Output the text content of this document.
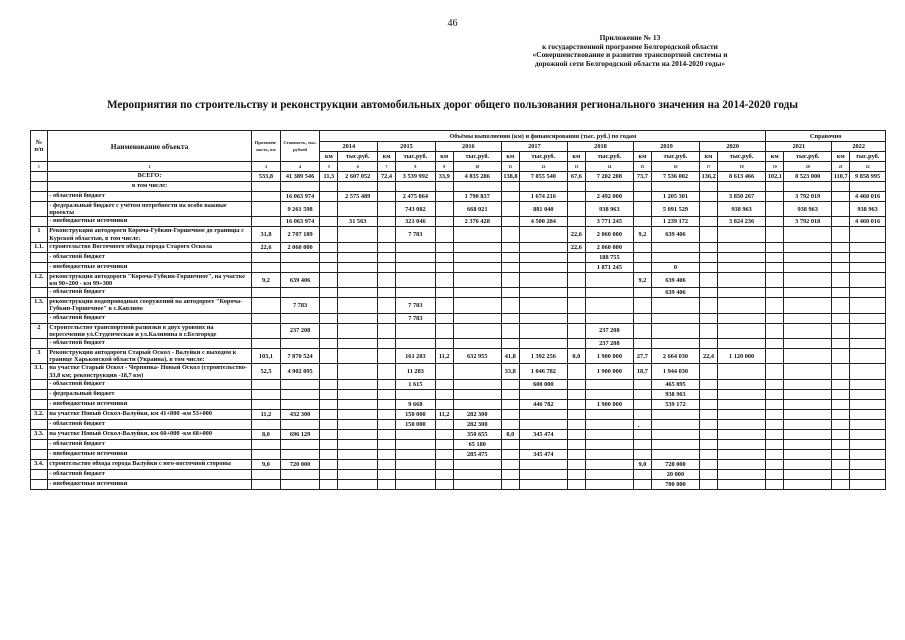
46
Приложение № 13
к государственной программе Белгородской области
«Совершенствование и развитие транспортной системы и
дорожной сети Белгородской области на 2014-2020 годы»
Мероприятия по строительству и реконструкции автомобильных дорог общего пользования регионального значения на 2014-2020 годы
№ п/п	Наименование объекта	Протяжён-ность, км	Стоимость, тыс. рублей	Объёмы выполнения (км) и финансирования (тыс. руб.) по годам														Справочно			
				2014		2015		2016		2017		2018		2019		2020		2021		2022	
				км	тыс.руб.	км	тыс.руб.	км	тыс.руб.	км	тыс.руб.	км	тыс.руб.	км	тыс.руб.	км	тыс.руб.	км	тыс.руб.	км	тыс.руб.
1	2	3	4	5	6	7	8	9	10	11	12	13	14	15	16	17	18	19	20	21	22
	ВСЕГО:	533,8	41 389 546	11,3	2 607 052	72,4	3 539 992	33,9	4 835 286	138,8	7 055 540	67,6	7 202 208	73,7	7 536 002	136,2	8 613 466	102,1	8 523 000	110,7	9 858 995
	в том числе:																				
	- областной бюджет		16 063 974		2 575 489		2 475 864		1 790 837		1 674 216		2 492 000		1 205 301		3 850 267		3 792 019		4 460 016
	- федеральный бюджет с учётом потребности на особо важные проекты		9 261 598				743 082		668 021		881 040		938 963		5 091 529		938 963		938 963		938 963
	- внебюджетные источники		16 063 974		31 563		321 046		2 376 428		4 500 284		3 771 245		1 239 172		3 824 236		3 792 018		4 460 016
1	Реконструкция автодороги Короча-Губкин-Горшечное до границы с Курской областью, в том числе:	31,8	2 707 189				7 783					22,6	2 060 000	9,2	639 406						
1.1.	строительство Восточного обхода города Старого Оскола	22,6	2 060 000									22,6	2 060 000								
	- областной бюджет												188 755								
	- внебюджетные источники												1 871 245		0						
1.2.	реконструкция автодороги "Короча-Губкин-Горшечное", на участке км 90+200 - км 99+300	9,2	639 406											9,2	639 406						
	- областной бюджет														639 406						
1.3.	реконструкция водопроводных сооружений на автодороге "Короча-Губкин-Горшечное" в с.Каплино		7 783				7 783														
	- областной бюджет						7 783														
2	Строительство транспортной развязки в двух уровнях на пересечении ул.Студенческая и ул.Калинина в г.Белгороде		237 208										237 208								
	- областной бюджет												237 208								
3	Реконструкция автодороги Старый Оскол - Валуйки с выходом к границе Харьковской области (Украина), в том числе:	103,1	7 870 524				161 283	11,2	632 955	41,8	1 392 256	0,0	1 900 000	27,7	2 664 030	22,4	1 120 000				
3.1.	на участке Старый Оскол - Чернянка- Новый Оскол (строительство- 33,8 км; реконструкция -18,7 км)	52,5	4 902 095				11 283			33,8	1 046 782		1 900 000	18,7	1 944 030						
	- областной бюджет						1 615				600 000				465 895						
	- федеральный бюджет														938 963						
	- внебюджетные источники						9 668				446 782		1 900 000		539 172						
3.2.	на участке Новый Оскол-Валуйки, км 41+800 -км 53+000	11,2	432 300				150 000	11,2	282 300												
	- областной бюджет						150 000		282 300												
3.3.	на участке Новый Оскол-Валуйки, км 60+000 -км 68+000	8,0	696 129						350 655	8,0	345 474										
	- областной бюджет								65 180												
	- внебюджетные источники								285 475		345 474										
3.4.	строительство обхода города Валуйки с юго-восточной стороны	9,0	720 000											9,0	720 000						
	- областной бюджет														20 000						
	- внебюджетные источники														700 000						
·
